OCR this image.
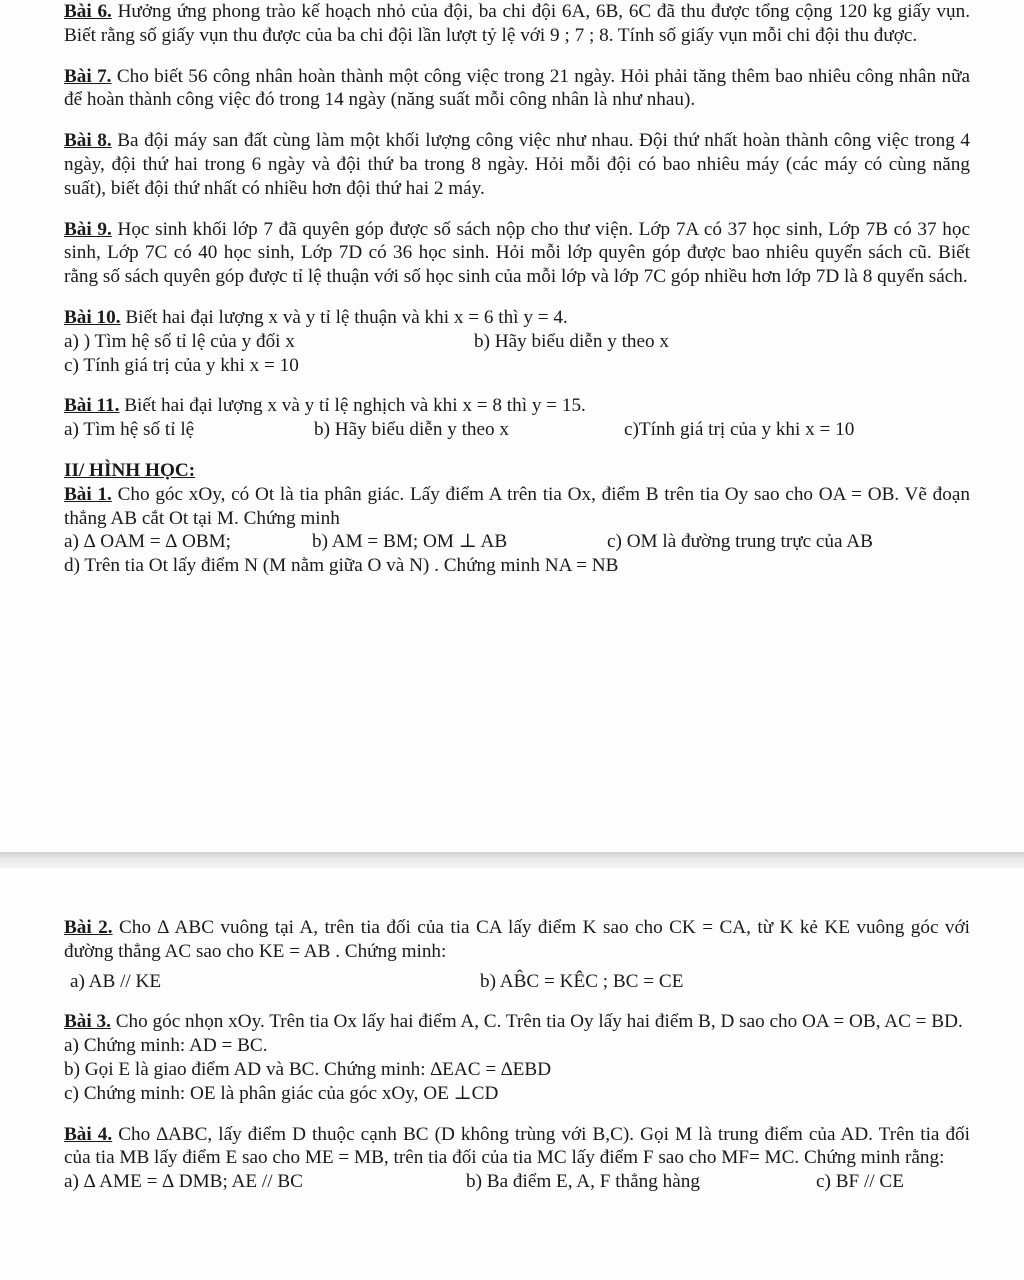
Bài 6. Hưởng ứng phong trào kế hoạch nhỏ của đội, ba chi đội 6A, 6B, 6C đã thu được tổng cộng 120 kg giấy vụn. Biết rằng số giấy vụn thu được của ba chi đội lần lượt tỷ lệ với 9 ; 7 ; 8. Tính số giấy vụn mỗi chi đội thu được.

Bài 7. Cho biết 56 công nhân hoàn thành một công việc trong 21 ngày. Hỏi phải tăng thêm bao nhiêu công nhân nữa để hoàn thành công việc đó trong 14 ngày (năng suất mỗi công nhân là như nhau).

Bài 8. Ba đội máy san đất cùng làm một khối lượng công việc như nhau. Đội thứ nhất hoàn thành công việc trong 4 ngày, đội thứ hai trong 6 ngày và đội thứ ba trong 8 ngày. Hỏi mỗi đội có bao nhiêu máy (các máy có cùng năng suất), biết đội thứ nhất có nhiều hơn đội thứ hai 2 máy.

Bài 9. Học sinh khối lớp 7 đã quyên góp được số sách nộp cho thư viện. Lớp 7A có 37 học sinh, Lớp 7B có 37 học sinh, Lớp 7C có 40 học sinh, Lớp 7D có 36 học sinh. Hỏi mỗi lớp quyên góp được bao nhiêu quyển sách cũ. Biết rằng số sách quyên góp được tỉ lệ thuận với số học sinh của mỗi lớp và lớp 7C góp nhiều hơn lớp 7D là 8 quyển sách.

Bài 10. Biết hai đại lượng x và y tỉ lệ thuận và khi x = 6 thì y = 4.
a) ) Tìm hệ số tỉ lệ của y đối x	b) Hãy biểu diễn y theo x
c) Tính giá trị của y khi x = 10
Bài 11. Biết hai đại lượng x và y tỉ lệ nghịch và khi x = 8 thì y = 15.
a) Tìm hệ số tỉ lệ	b) Hãy biểu diễn y theo x	c)Tính giá trị của y khi x = 10

II/ HÌNH HỌC:

Bài 1. Cho góc xOy, có Ot là tia phân giác. Lấy điểm A trên tia Ox, điểm B trên tia Oy sao cho OA = OB. Vẽ đoạn thẳng AB cắt Ot tại M. Chứng minh
a) ∆ OAM = ∆ OBM;	b) AM = BM; OM ⊥ AB	c) OM là đường trung trực của AB
d) Trên tia Ot lấy điểm N (M nằm giữa O và N) . Chứng minh NA = NB
Bài 2. Cho ∆ ABC vuông tại A, trên tia đối của tia CA lấy điểm K sao cho CK = CA, từ K kẻ KE vuông góc với đường thẳng AC sao cho KE = AB . Chứng minh:
a) AB // KE	b) AB̂C = KÊC ; BC = CE
Bài 3. Cho góc nhọn xOy. Trên tia Ox lấy hai điểm A, C. Trên tia Oy lấy hai điểm B, D sao cho OA = OB, AC = BD.
a) Chứng minh: AD = BC.
b) Gọi E là giao điểm AD và BC. Chứng minh: ∆EAC = ∆EBD
c) Chứng minh: OE là phân giác của góc xOy, OE ⊥CD
Bài 4. Cho ∆ABC, lấy điểm D thuộc cạnh BC (D không trùng với B,C). Gọi M là trung điểm của AD. Trên tia đối của tia MB lấy điểm E sao cho ME = MB, trên tia đối của tia MC lấy điểm F sao cho MF= MC. Chứng minh rằng:
a) ∆ AME = ∆ DMB; AE // BC	b) Ba điểm E, A, F thẳng hàng	c) BF // CE
